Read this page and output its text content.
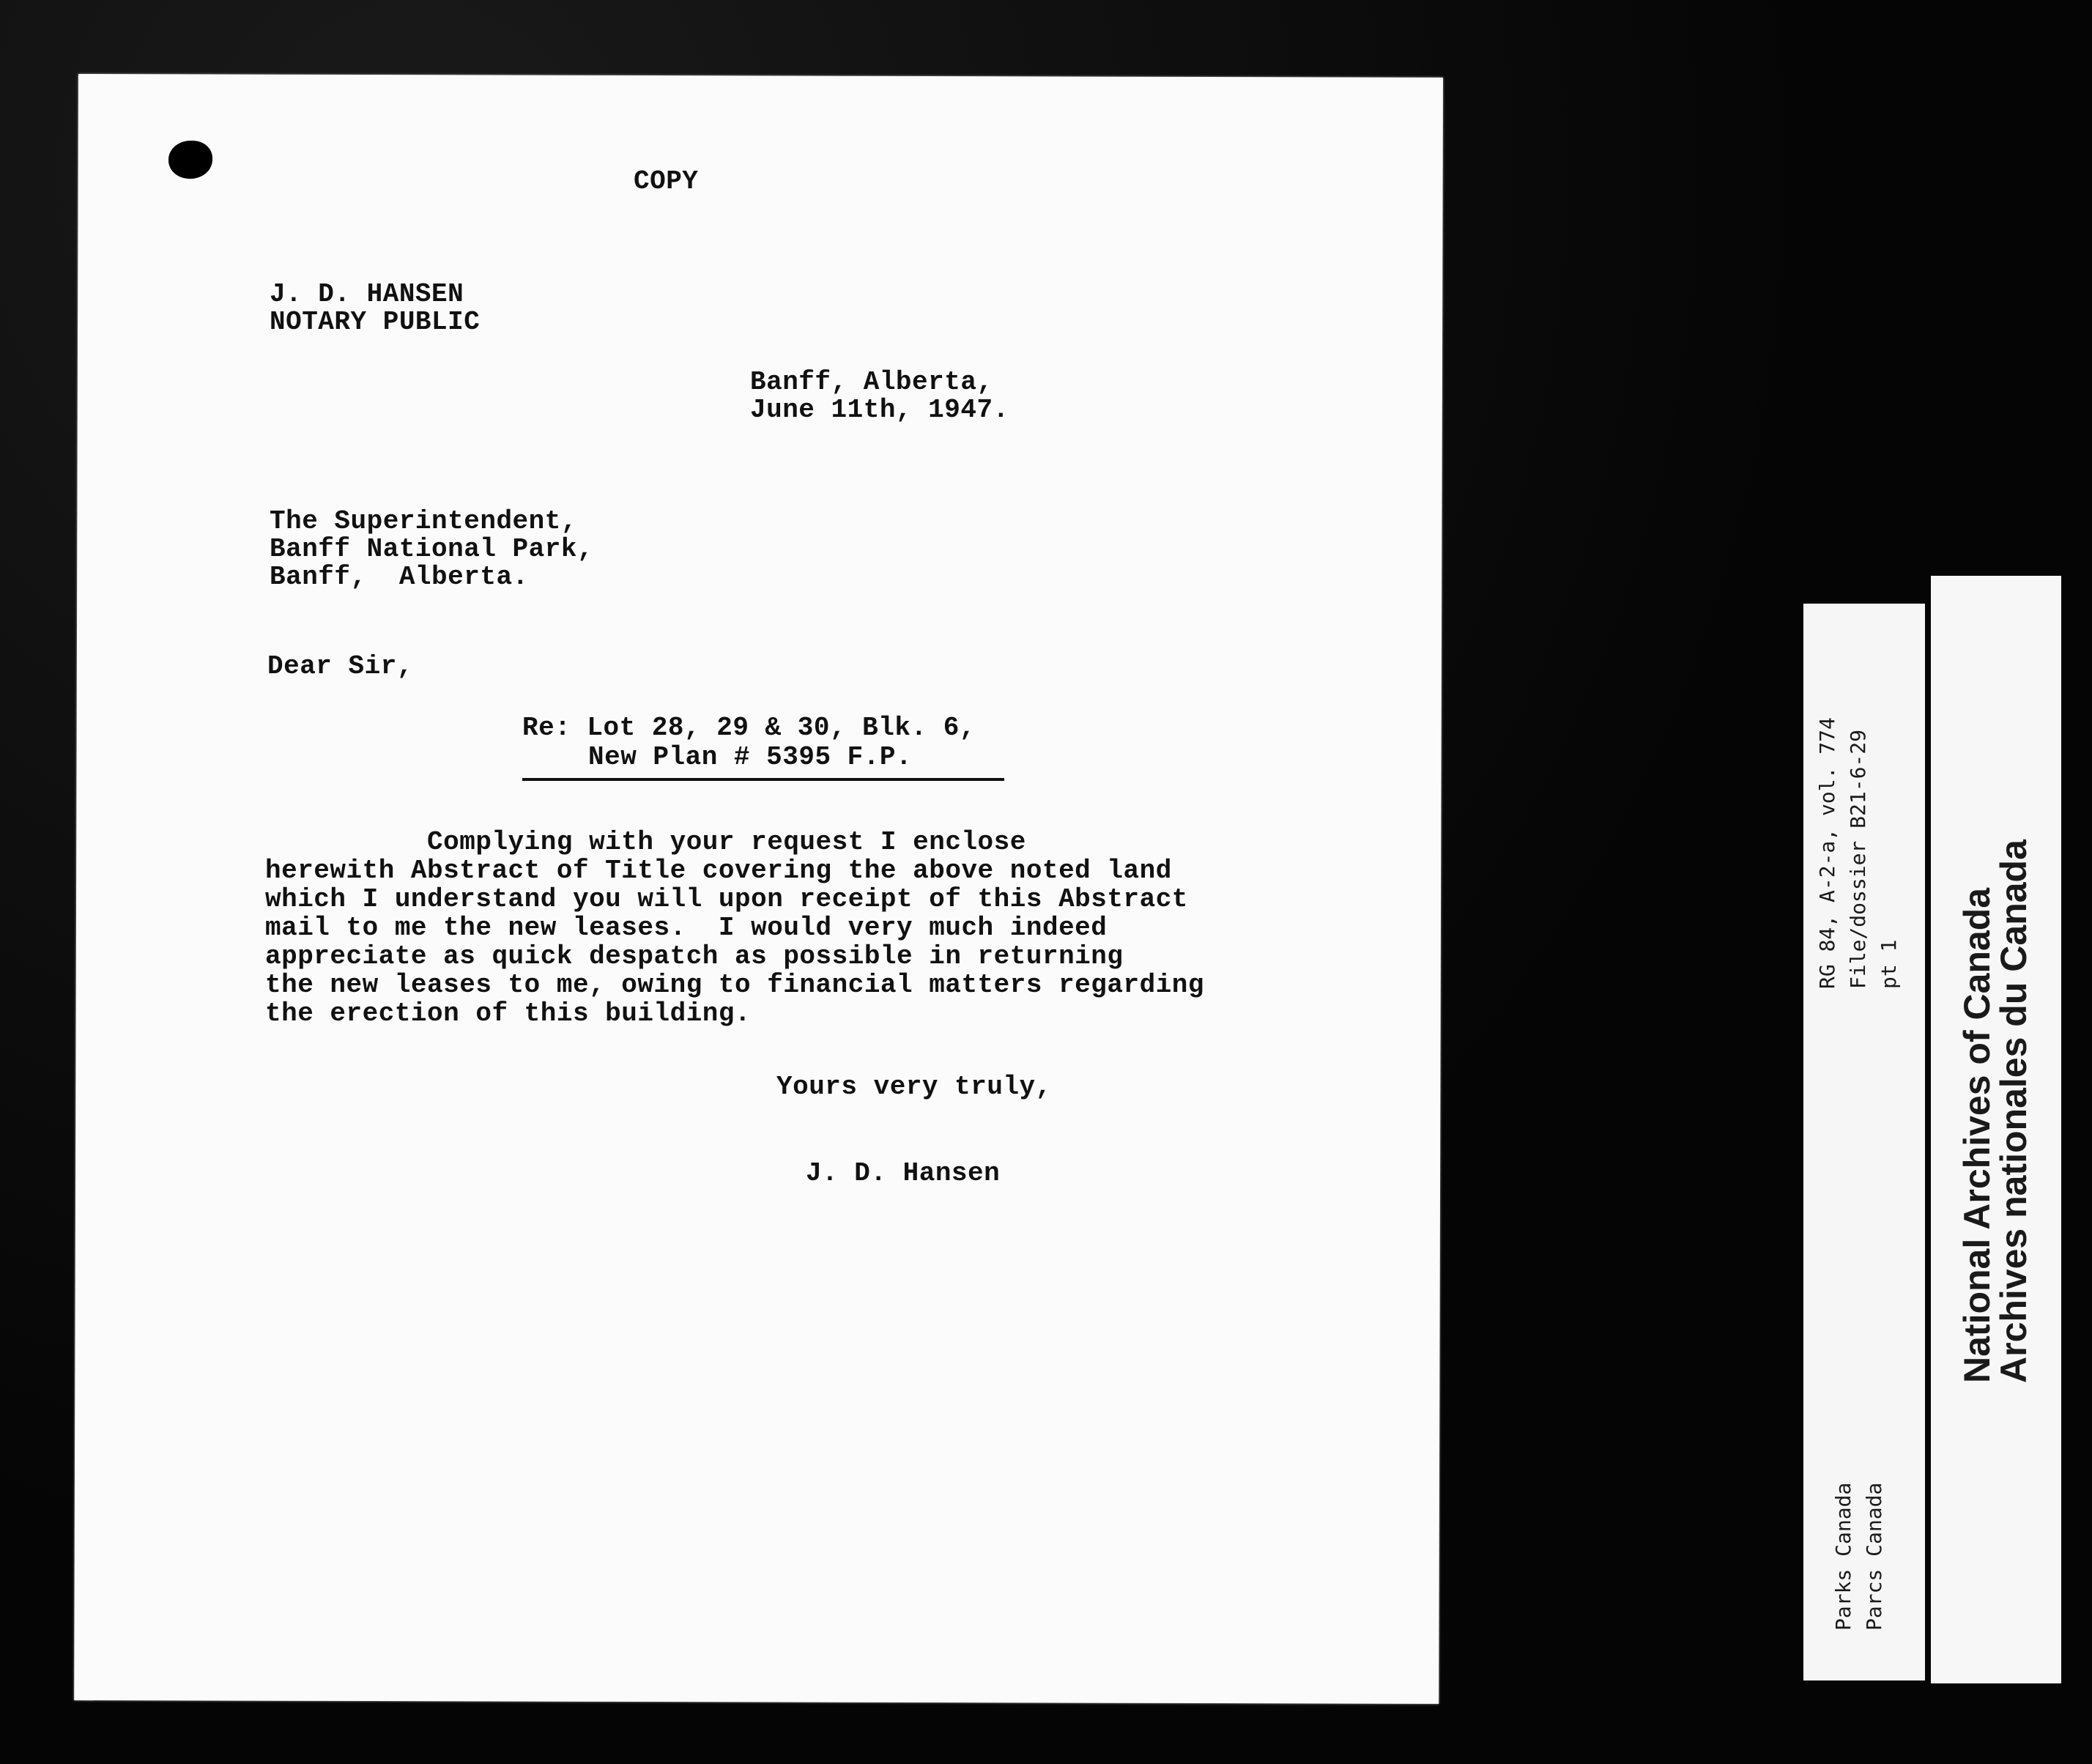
COPY
J. D. HANSEN
NOTARY PUBLIC
Banff, Alberta,
June 11th, 1947.
The Superintendent,
Banff National Park,
Banff,  Alberta.
Dear Sir,
Re: Lot 28, 29 & 30, Blk. 6,
New Plan # 5395 F.P.
Complying with your request I enclose
herewith Abstract of Title covering the above noted land
which I understand you will upon receipt of this Abstract
mail to me the new leases.  I would very much indeed
appreciate as quick despatch as possible in returning
the new leases to me, owing to financial matters regarding
the erection of this building.
Yours very truly,
J. D. Hansen
RG 84, A-2-a, vol. 774 File/dossier B21-6-29 pt 1
Parks Canada Parcs Canada
National Archives of Canada
Archives nationales du Canada
